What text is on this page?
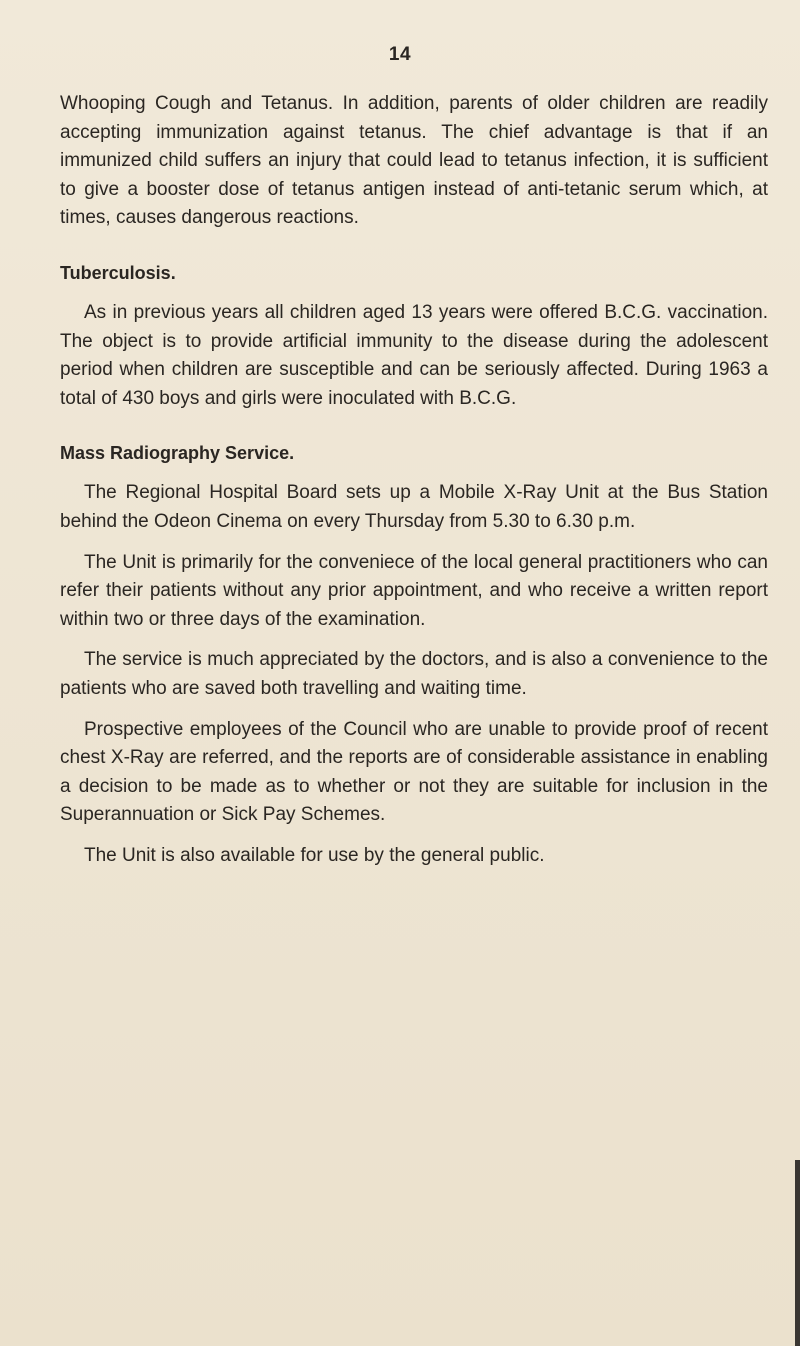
14

Whooping Cough and Tetanus. In addition, parents of older children are readily accepting immunization against tetanus. The chief advantage is that if an immunized child suffers an injury that could lead to tetanus infection, it is sufficient to give a booster dose of tetanus antigen instead of anti-tetanic serum which, at times, causes dangerous reactions.

Tuberculosis.

As in previous years all children aged 13 years were offered B.C.G. vaccination. The object is to provide artificial immunity to the disease during the adolescent period when children are susceptible and can be seriously affected. During 1963 a total of 430 boys and girls were inoculated with B.C.G.

Mass Radiography Service.

The Regional Hospital Board sets up a Mobile X-Ray Unit at the Bus Station behind the Odeon Cinema on every Thursday from 5.30 to 6.30 p.m.

The Unit is primarily for the conveniece of the local general practitioners who can refer their patients without any prior appointment, and who receive a written report within two or three days of the examination.

The service is much appreciated by the doctors, and is also a convenience to the patients who are saved both travelling and waiting time.

Prospective employees of the Council who are unable to provide proof of recent chest X-Ray are referred, and the reports are of considerable assistance in enabling a decision to be made as to whether or not they are suitable for inclusion in the Superannuation or Sick Pay Schemes.

The Unit is also available for use by the general public.
